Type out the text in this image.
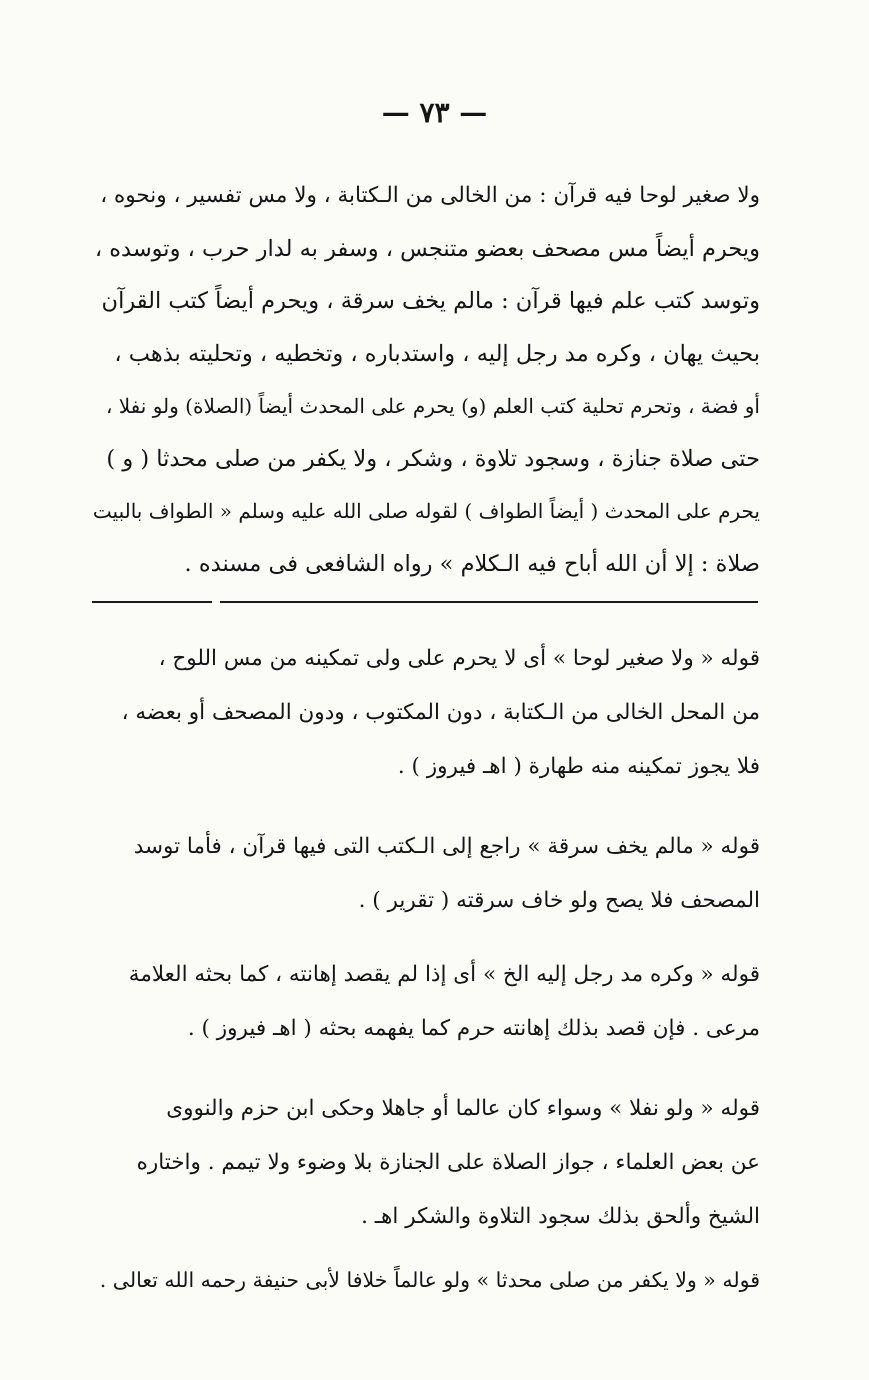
— ٧٣ —

ولا صغير لوحا فيه قرآن : من الخالى من الـكتابة ، ولا مس تفسير ، ونحوه ،

ويحرم أيضاً مس مصحف بعضو متنجس ، وسفر به لدار حرب ، وتوسده ،

وتوسد كتب علم فيها قرآن : مالم يخف سرقة ، ويحرم أيضاً كتب القرآن

بحيث يهان ، وكره مد رجل إليه ، واستدباره ، وتخطيه ، وتحليته بذهب ،

أو فضة ، وتحرم تحلية كتب العلم (و) يحرم على المحدث أيضاً (الصلاة) ولو نفلا ،

حتى صلاة جنازة ، وسجود تلاوة ، وشكر ، ولا يكفر من صلى محدثا ( و )

يحرم على المحدث ( أيضاً الطواف ) لقوله صلى الله عليه وسلم « الطواف بالبيت

صلاة : إلا أن الله أباح فيه الـكلام » رواه الشافعى فى مسنده .

قوله « ولا صغير لوحا » أى لا يحرم على ولى تمكينه من مس اللوح ،

من المحل الخالى من الـكتابة ، دون المكتوب ، ودون المصحف أو بعضه ،

فلا يجوز تمكينه منه طهارة ( اهـ فيروز ) .

قوله « مالم يخف سرقة » راجع إلى الـكتب التى فيها قرآن ، فأما توسد

المصحف فلا يصح ولو خاف سرقته ( تقرير ) .

قوله « وكره مد رجل إليه الخ » أى إذا لم يقصد إهانته ، كما بحثه العلامة

مرعى . فإن قصد بذلك إهانته حرم كما يفهمه بحثه ( اهـ فيروز ) .

قوله « ولو نفلا » وسواء كان عالما أو جاهلا وحكى ابن حزم والنووى

عن بعض العلماء ، جواز الصلاة على الجنازة بلا وضوء ولا تيمم . واختاره

الشيخ وألحق بذلك سجود التلاوة والشكر اهـ .

قوله « ولا يكفر من صلى محدثا » ولو عالماً خلافا لأبى حنيفة رحمه الله تعالى .
